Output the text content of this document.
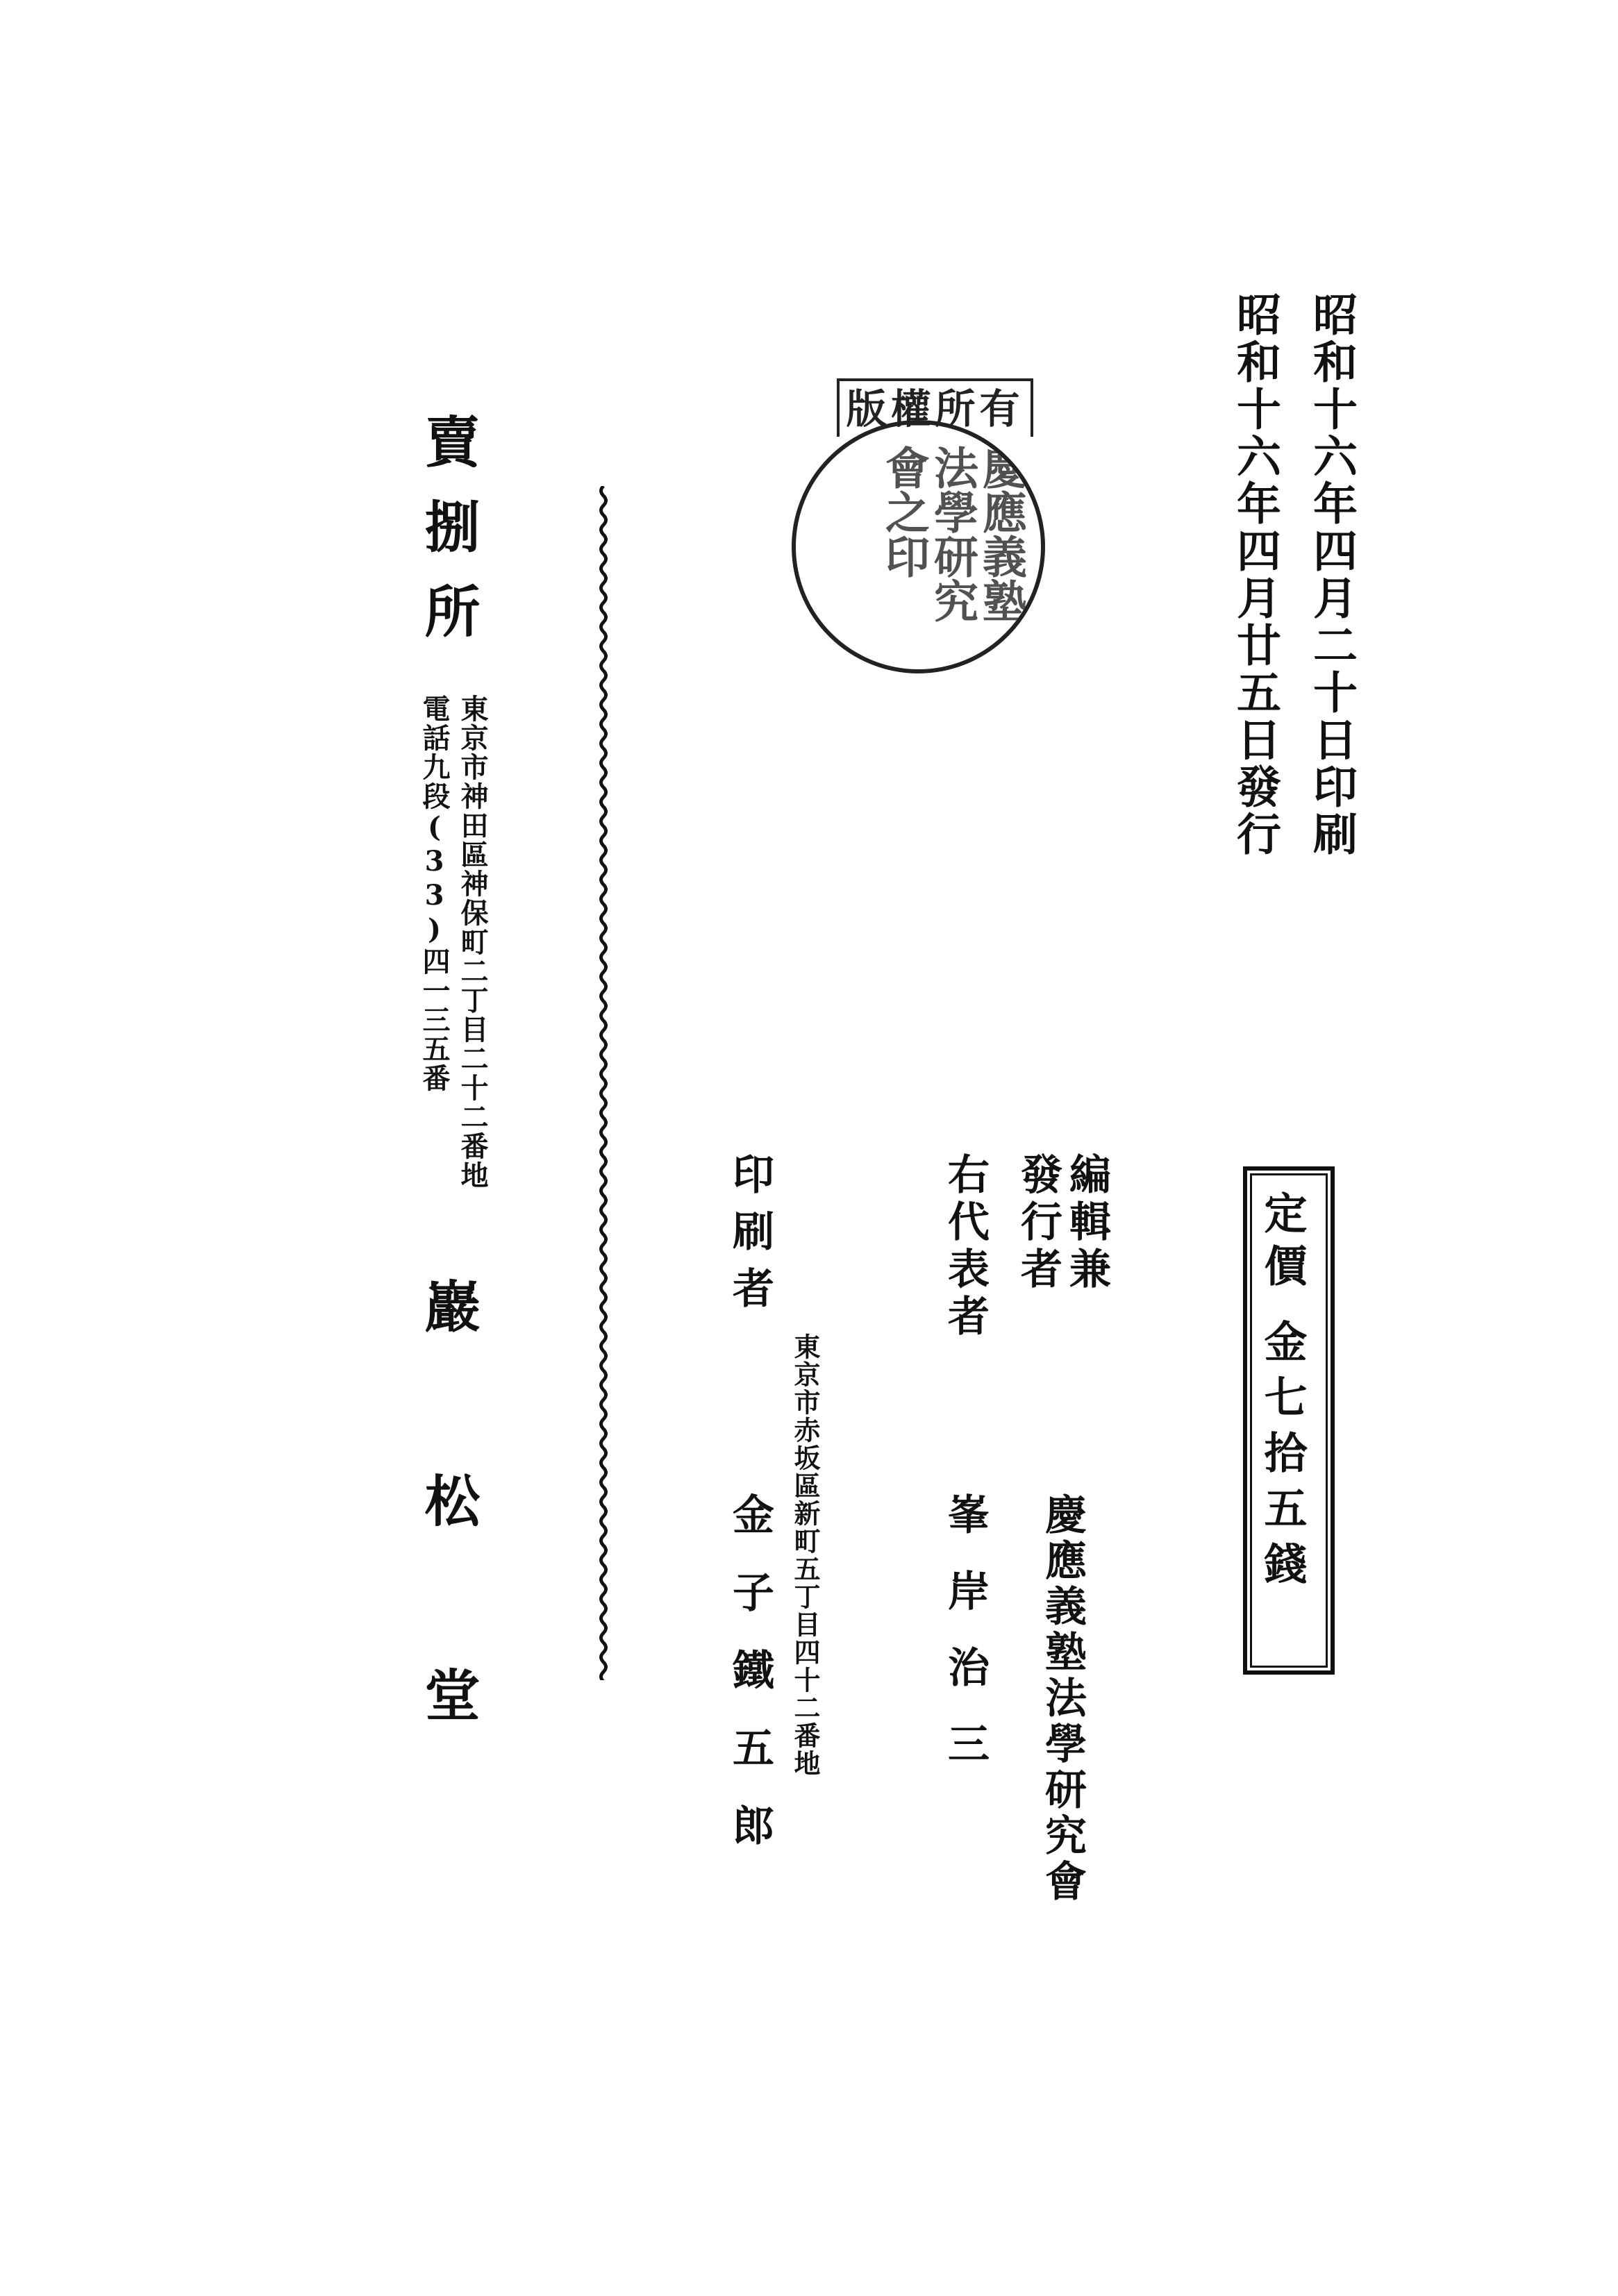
昭和十六年四月二十日印刷
昭和十六年四月廿五日發行
定價
金七拾五錢
版權所有
慶應義塾法學研究會之印
編輯兼
發行者
慶應義塾法學研究會
右代表者
峯岸治三
東京市赤坂區新町五丁目四十二番地
印刷者
金子鐵五郎
賣捌所
東京市神田區神保町二丁目二十二番地
電話九段(33)四一三五番
巖松堂
